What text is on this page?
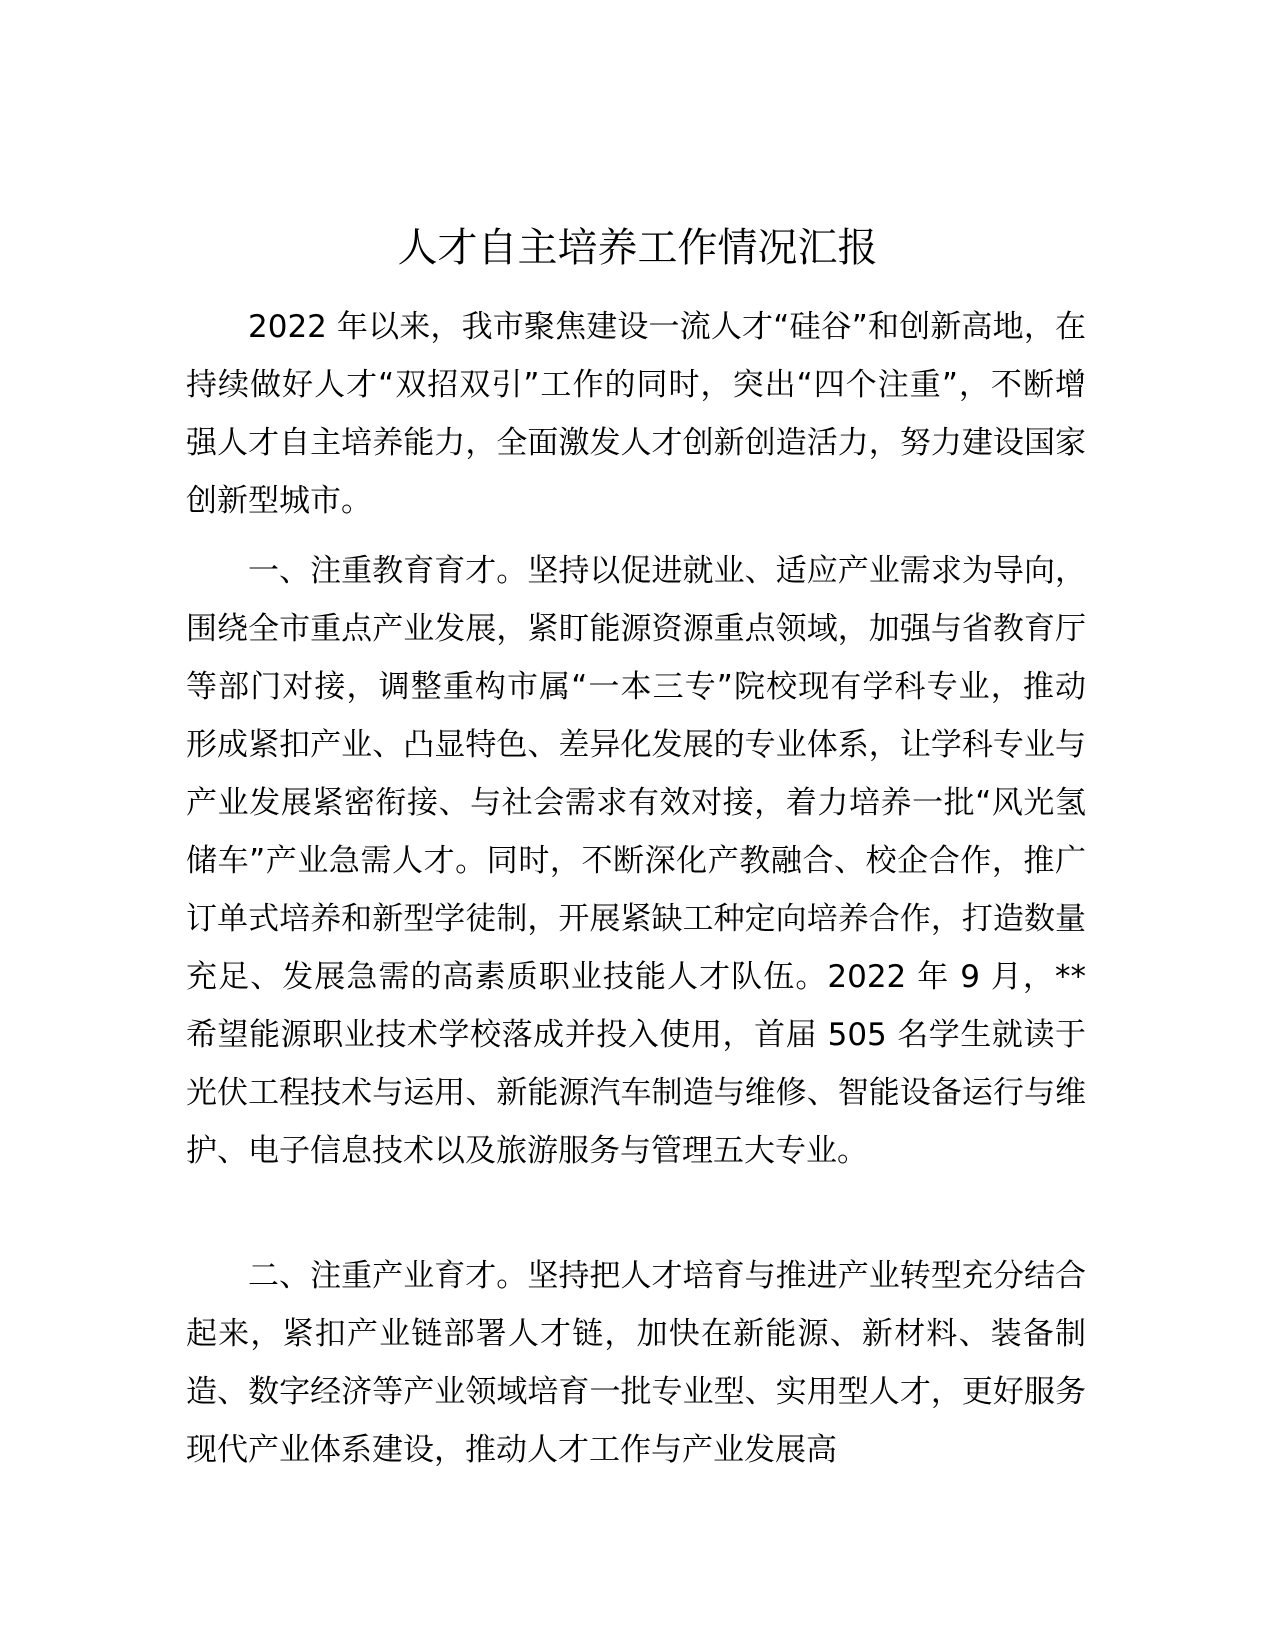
人才自主培养工作情况汇报

2022 年以来，我市聚焦建设一流人才“硅谷”和创新高地，在持续做好人才“双招双引”工作的同时，突出“四个注重”，不断增强人才自主培养能力，全面激发人才创新创造活力，努力建设国家创新型城市。

一、注重教育育才。坚持以促进就业、适应产业需求为导向，围绕全市重点产业发展，紧盯能源资源重点领域，加强与省教育厅等部门对接，调整重构市属“一本三专”院校现有学科专业，推动形成紧扣产业、凸显特色、差异化发展的专业体系，让学科专业与产业发展紧密衔接、与社会需求有效对接，着力培养一批“风光氢储车”产业急需人才。同时，不断深化产教融合、校企合作，推广订单式培养和新型学徒制，开展紧缺工种定向培养合作，打造数量充足、发展急需的高素质职业技能人才队伍。2022 年 9 月，**希望能源职业技术学校落成并投入使用，首届 505 名学生就读于光伏工程技术与运用、新能源汽车制造与维修、智能设备运行与维护、电子信息技术以及旅游服务与管理五大专业。

二、注重产业育才。坚持把人才培育与推进产业转型充分结合起来，紧扣产业链部署人才链，加快在新能源、新材料、装备制造、数字经济等产业领域培育一批专业型、实用型人才，更好服务现代产业体系建设，推动人才工作与产业发展高
